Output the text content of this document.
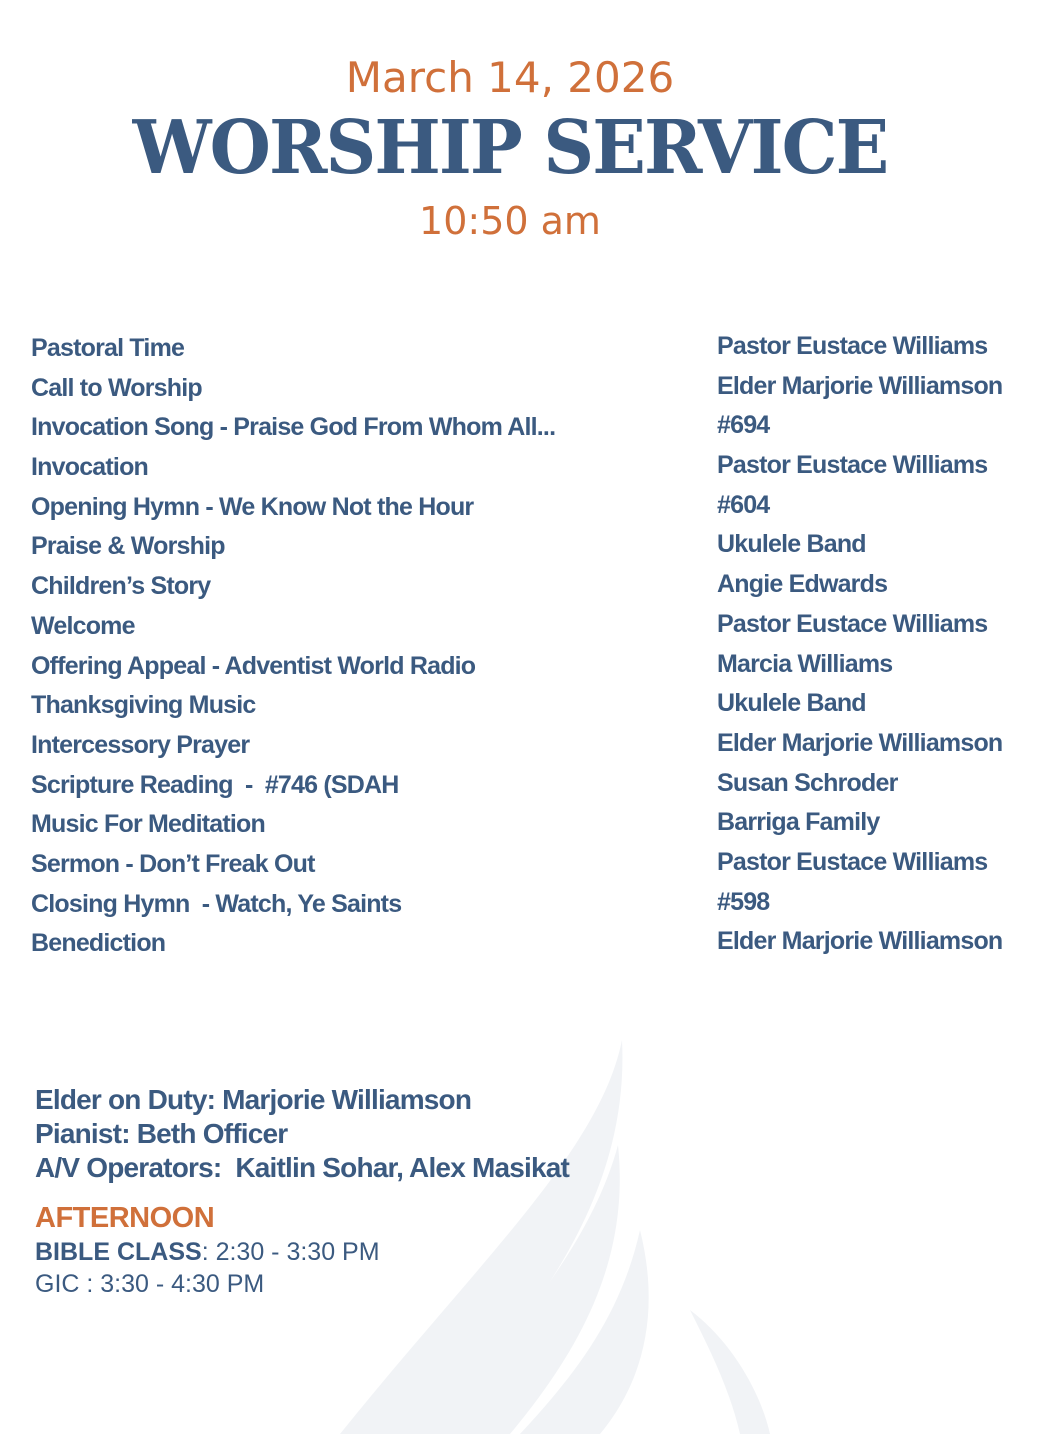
March 14, 2026
WORSHIP SERVICE
10:50 am
Pastoral Time	Pastor Eustace Williams
Call to Worship	Elder Marjorie Williamson
Invocation Song - Praise God From Whom All...	#694
Invocation	Pastor Eustace Williams
Opening Hymn - We Know Not the Hour	#604
Praise & Worship	Ukulele Band
Children’s Story	Angie Edwards
Welcome	Pastor Eustace Williams
Offering Appeal - Adventist World Radio	Marcia Williams
Thanksgiving Music	Ukulele Band
Intercessory Prayer	Elder Marjorie Williamson
Scripture Reading  -  #746 (SDAH	Susan Schroder
Music For Meditation	Barriga Family
Sermon - Don’t Freak Out	Pastor Eustace Williams
Closing Hymn  - Watch, Ye Saints	#598
Benediction	Elder Marjorie Williamson
Elder on Duty: Marjorie Williamson
Pianist: Beth Officer
A/V Operators:  Kaitlin Sohar, Alex Masikat
AFTERNOON
BIBLE CLASS: 2:30 - 3:30 PM
GIC : 3:30 - 4:30 PM
